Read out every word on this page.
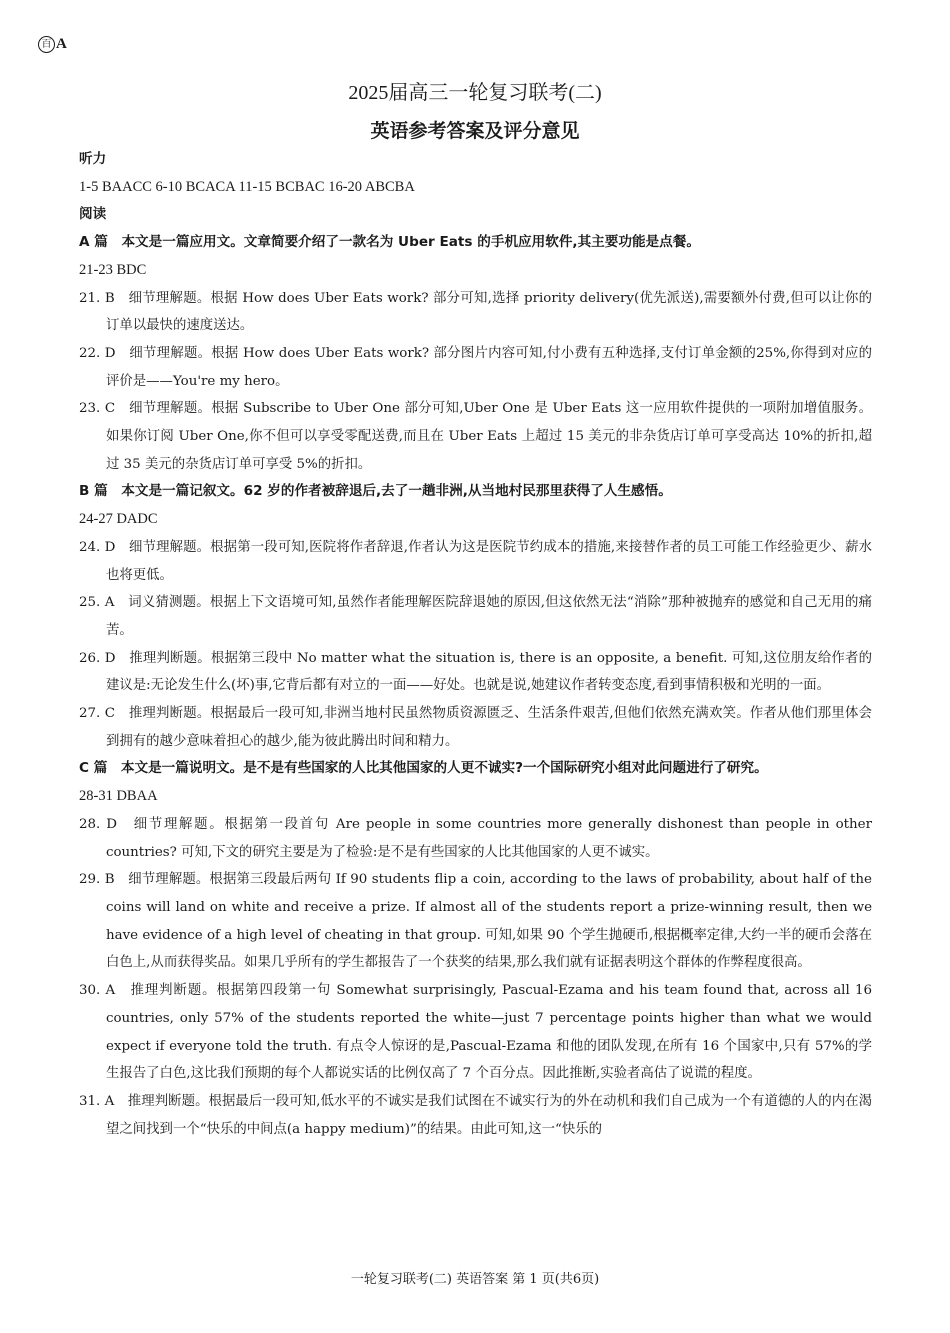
百 A
2025届高三一轮复习联考(二)
英语参考答案及评分意见

听力

1-5 BAACC 6-10 BCACA 11-15 BCBAC 16-20 ABCBA

阅读

A 篇　本文是一篇应用文。文章简要介绍了一款名为 Uber Eats 的手机应用软件,其主要功能是点餐。

21-23 BDC

21. B　细节理解题。根据 How does Uber Eats work? 部分可知,选择 priority delivery(优先派送),需要额外付费,但可以让你的订单以最快的速度送达。

22. D　细节理解题。根据 How does Uber Eats work? 部分图片内容可知,付小费有五种选择,支付订单金额的25%,你得到对应的评价是——You're my hero。

23. C　细节理解题。根据 Subscribe to Uber One 部分可知,Uber One 是 Uber Eats 这一应用软件提供的一项附加增值服务。如果你订阅 Uber One,你不但可以享受零配送费,而且在 Uber Eats 上超过 15 美元的非杂货店订单可享受高达 10%的折扣,超过 35 美元的杂货店订单可享受 5%的折扣。

B 篇　本文是一篇记叙文。62 岁的作者被辞退后,去了一趟非洲,从当地村民那里获得了人生感悟。

24-27 DADC

24. D　细节理解题。根据第一段可知,医院将作者辞退,作者认为这是医院节约成本的措施,来接替作者的员工可能工作经验更少、薪水也将更低。

25. A　词义猜测题。根据上下文语境可知,虽然作者能理解医院辞退她的原因,但这依然无法“消除”那种被抛弃的感觉和自己无用的痛苦。

26. D　推理判断题。根据第三段中 No matter what the situation is, there is an opposite, a benefit. 可知,这位朋友给作者的建议是:无论发生什么(坏)事,它背后都有对立的一面——好处。也就是说,她建议作者转变态度,看到事情积极和光明的一面。

27. C　推理判断题。根据最后一段可知,非洲当地村民虽然物质资源匮乏、生活条件艰苦,但他们依然充满欢笑。作者从他们那里体会到拥有的越少意味着担心的越少,能为彼此腾出时间和精力。

C 篇　本文是一篇说明文。是不是有些国家的人比其他国家的人更不诚实?一个国际研究小组对此问题进行了研究。

28-31 DBAA

28. D　细节理解题。根据第一段首句 Are people in some countries more generally dishonest than people in other countries? 可知,下文的研究主要是为了检验:是不是有些国家的人比其他国家的人更不诚实。

29. B　细节理解题。根据第三段最后两句 If 90 students flip a coin, according to the laws of probability, about half of the coins will land on white and receive a prize. If almost all of the students report a prize-winning result, then we have evidence of a high level of cheating in that group. 可知,如果 90 个学生抛硬币,根据概率定律,大约一半的硬币会落在白色上,从而获得奖品。如果几乎所有的学生都报告了一个获奖的结果,那么我们就有证据表明这个群体的作弊程度很高。

30. A　推理判断题。根据第四段第一句 Somewhat surprisingly, Pascual-Ezama and his team found that, across all 16 countries, only 57% of the students reported the white—just 7 percentage points higher than what we would expect if everyone told the truth. 有点令人惊讶的是,Pascual-Ezama 和他的团队发现,在所有 16 个国家中,只有 57%的学生报告了白色,这比我们预期的每个人都说实话的比例仅高了 7 个百分点。因此推断,实验者高估了说谎的程度。

31. A　推理判断题。根据最后一段可知,低水平的不诚实是我们试图在不诚实行为的外在动机和我们自己成为一个有道德的人的内在渴望之间找到一个“快乐的中间点(a happy medium)”的结果。由此可知,这一“快乐的

一轮复习联考(二) 英语答案 第 1 页(共6页)
